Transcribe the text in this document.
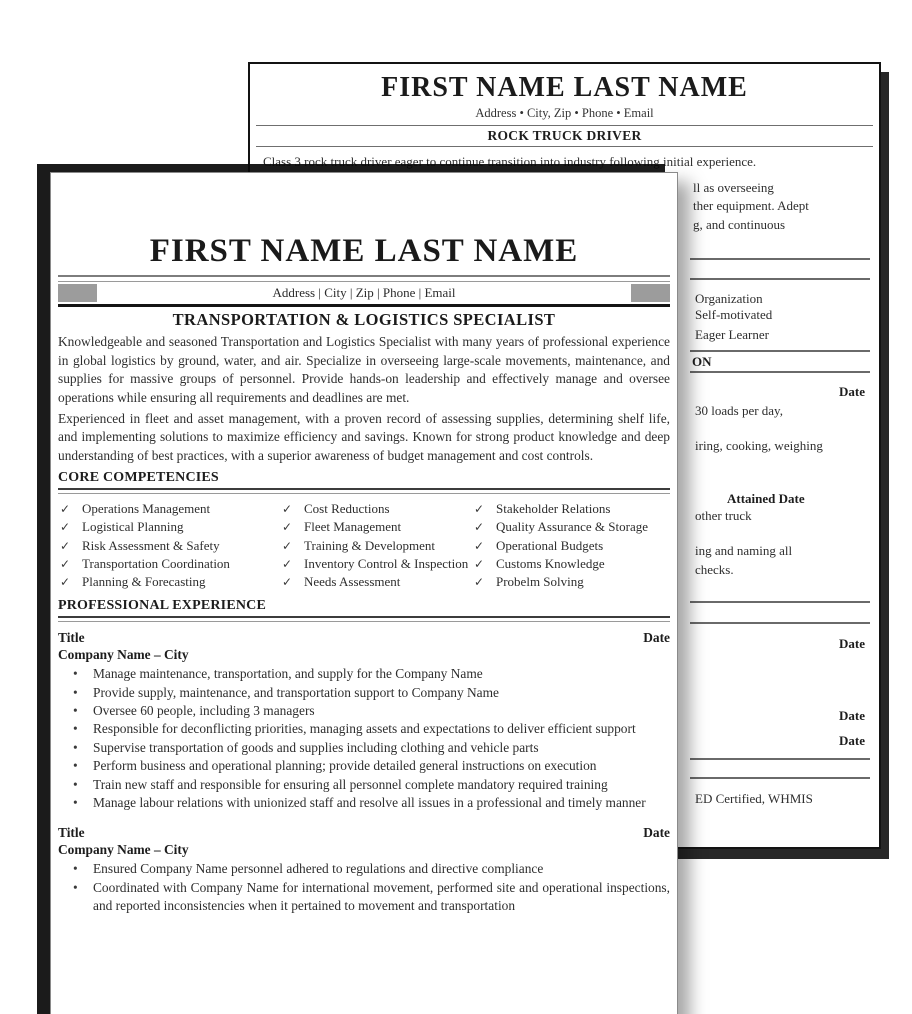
FIRST NAME LAST NAME
Address • City, Zip • Phone • Email
ROCK TRUCK DRIVER
Class 3 rock truck driver eager to continue transition into industry following initial experience.
ll as overseeing
ther equipment. Adept
g, and continuous
Organization
Self-motivated
Eager Learner
ON
Date
30 loads per day,
iring, cooking, weighing
Attained Date
other truck
ing and naming all
checks.
Date
Date
Date
ED Certified, WHMIS
FIRST NAME LAST NAME
Address | City | Zip | Phone | Email
TRANSPORTATION & LOGISTICS SPECIALIST

Knowledgeable and seasoned Transportation and Logistics Specialist with many years of professional experience in global logistics by ground, water, and air. Specialize in overseeing large-scale movements, maintenance, and supplies for massive groups of personnel. Provide hands-on leadership and effectively manage and oversee operations while ensuring all requirements and deadlines are met.

Experienced in fleet and asset management, with a proven record of assessing supplies, determining shelf life, and implementing solutions to maximize efficiency and savings. Known for strong product knowledge and deep understanding of best practices, with a superior awareness of budget management and cost controls.

CORE COMPETENCIES
✓ Operations Management
✓ Logistical Planning
✓ Risk Assessment & Safety
✓ Transportation Coordination
✓ Planning & Forecasting
✓ Cost Reductions
✓ Fleet Management
✓ Training & Development
✓ Inventory Control & Inspection
✓ Needs Assessment
✓ Stakeholder Relations
✓ Quality Assurance & Storage
✓ Operational Budgets
✓ Customs Knowledge
✓ Probelm Solving
PROFESSIONAL EXPERIENCE
Title	Date
Company Name – City
• Manage maintenance, transportation, and supply for the Company Name
• Provide supply, maintenance, and transportation support to Company Name
• Oversee 60 people, including 3 managers
• Responsible for deconflicting priorities, managing assets and expectations to deliver efficient support
• Supervise transportation of goods and supplies including clothing and vehicle parts
• Perform business and operational planning; provide detailed general instructions on execution
• Train new staff and responsible for ensuring all personnel complete mandatory required training
• Manage labour relations with unionized staff and resolve all issues in a professional and timely manner
Title	Date
Company Name – City
• Ensured Company Name personnel adhered to regulations and directive compliance
• Coordinated with Company Name for international movement, performed site and operational inspections, and reported inconsistencies when it pertained to movement and transportation
